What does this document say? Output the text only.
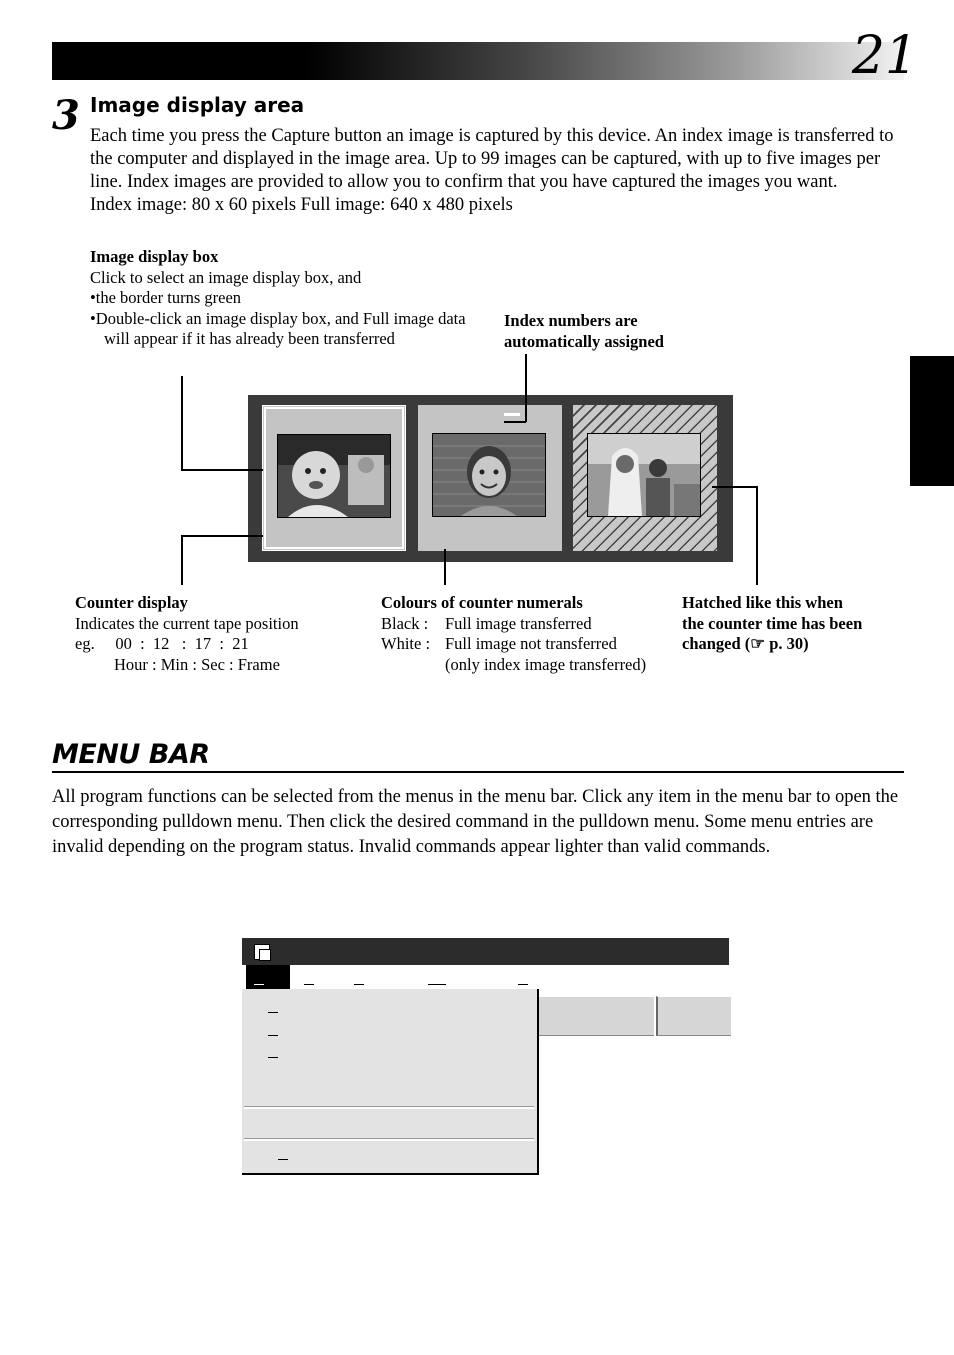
21
3 Image display area
Each time you press the Capture button an image is captured by this device. An index image is transferred to the computer and displayed in the image area. Up to 99 images can be captured, with up to five images per line. Index images are provided to allow you to confirm that you have captured the images you want.
Index image: 80 x 60 pixels Full image: 640 x 480 pixels
Image display box
Click to select an image display box, and
•the border turns green
•Double-click an image display box, and Full image data will appear if it has already been transferred
Index numbers are
automatically assigned
Counter display
Indicates the current tape position
eg.     00  :  12   :  17  :  21
Hour : Min : Sec : Frame
Colours of counter numerals
Black :	Full image transferred
White : Full image not transferred (only index image transferred)
Hatched like this when
the counter time has been
changed (☞ p. 30)
MENU BAR
All program functions can be selected from the menus in the menu bar. Click any item in the menu bar to open the corresponding pulldown menu. Then click the desired command in the pulldown menu. Some menu entries are invalid depending on the program status. Invalid commands appear lighter than valid commands.
